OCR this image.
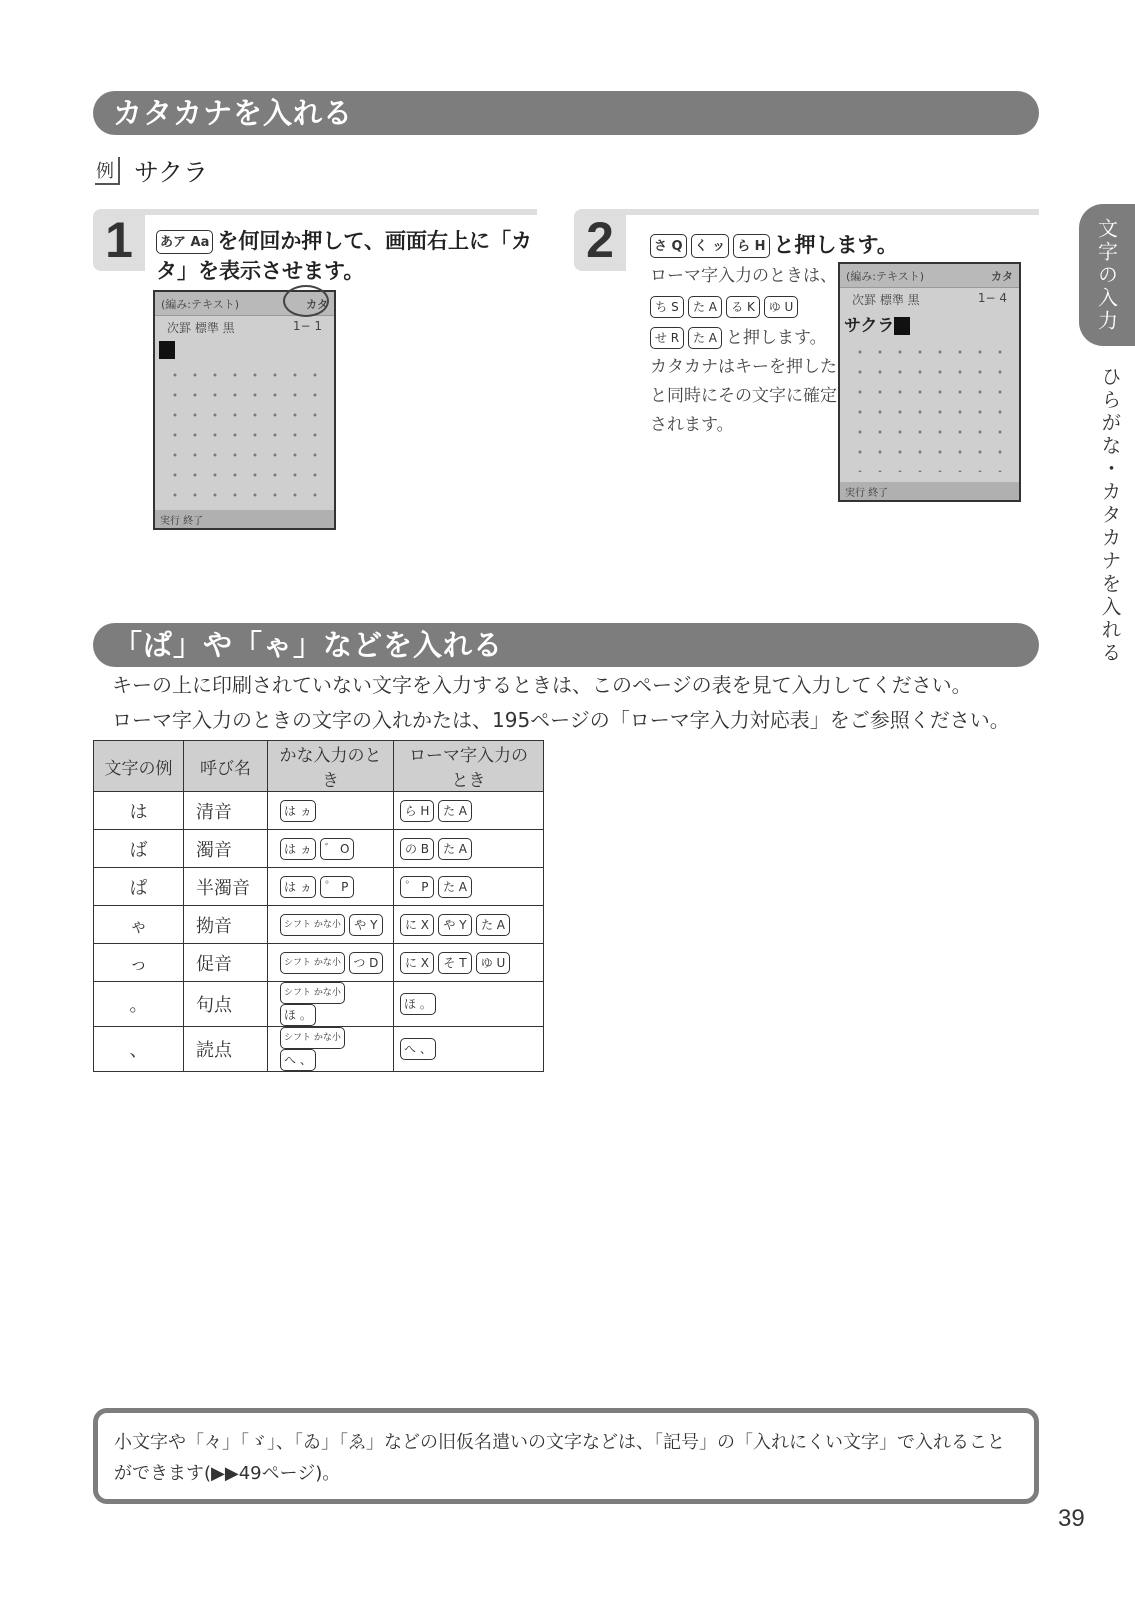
カタカナを入れる
例 サクラ
1	あア Aa を何回か押して、画面右上に「カタ」を表示させます。
(編み:テキスト)	カタ
次罫 標準 黒	1− 1
実行 終了
2	さ Q く ッ ら H と押します。
ローマ字入力のときは、
ち S た A る K ゆ U
せ R た A と押します。
カタカナはキーを押したと同時にその文字に確定されます。
(編み:テキスト)	カタ
次罫 標準 黒	1− 4
サクラ
実行 終了
「ぱ」や「ゃ」などを入れる
キーの上に印刷されていない文字を入力するときは、このページの表を見て入力してください。
ローマ字入力のときの文字の入れかたは、195ページの「ローマ字入力対応表」をご参照ください。
文字の例	呼び名	かな入力のとき	ローマ字入力のとき
は	清音	は ヵ	ら H た A
ば	濁音	は ヵ ゛ O	の B た A
ぱ	半濁音	は ヵ ゜ P	゜ P た A
ゃ	拗音	シフト かな小 や Y	に X や Y た A
っ	促音	シフト かな小 つ D	に X そ T ゆ U
。	句点	シフト かな小ほ 。	ほ 。
、	読点	シフト かな小へ 、	へ 、
小文字や「々」「ゞ」、「ゐ」「ゑ」などの旧仮名遣いの文字などは、「記号」の「入れにくい文字」で入れること
ができます(▶▶49ページ)。
39
文字の入力
ひらがな・カタカナを入れる
